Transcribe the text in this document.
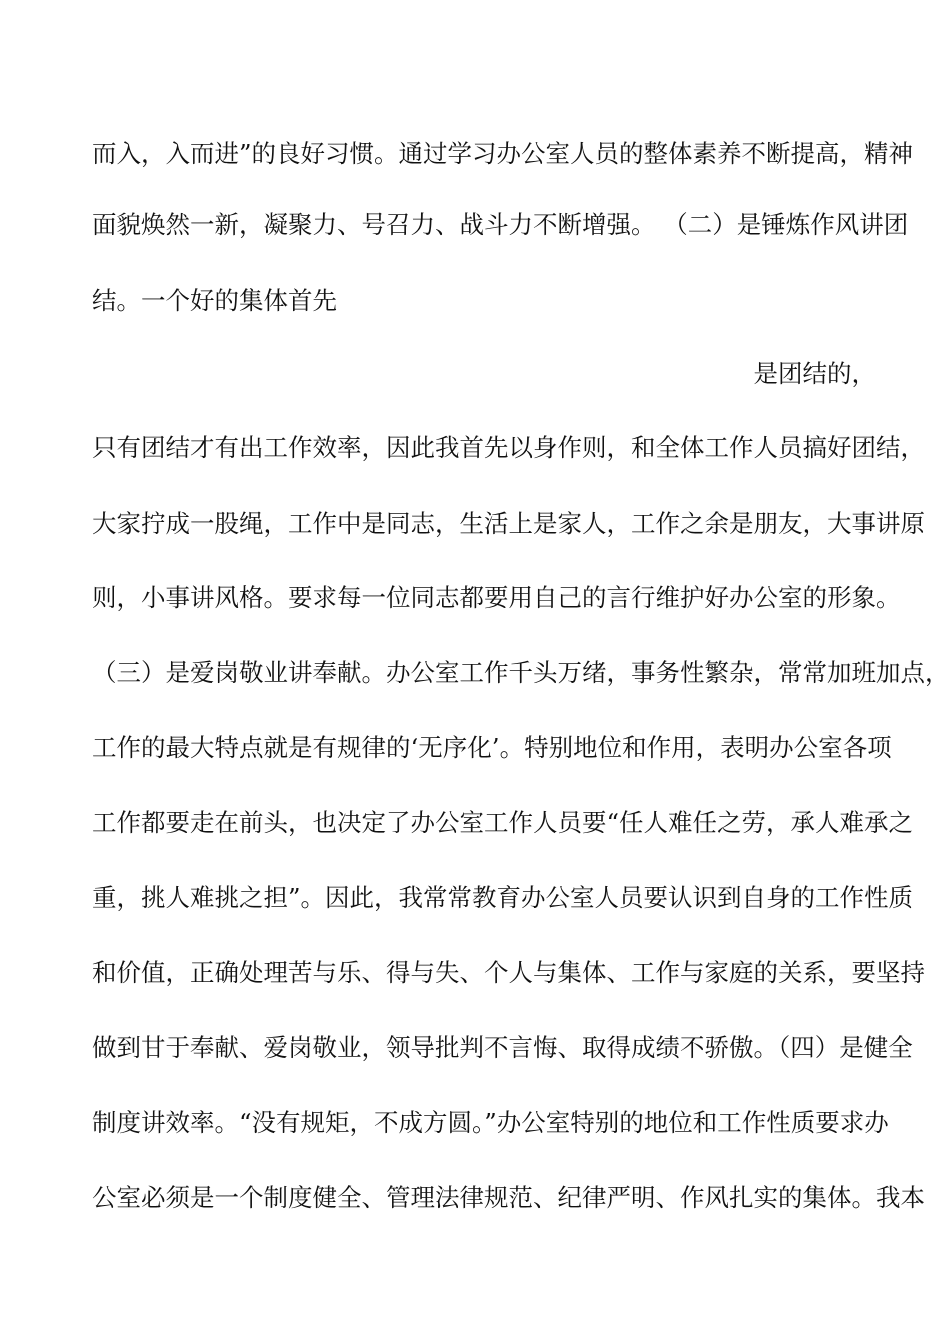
而入，入而进”的良好习惯。通过学习办公室人员的整体素养不断提高，精神
面貌焕然一新，凝聚力、号召力、战斗力不断增强。 （二）是锤炼作风讲团
结。一个好的集体首先
是团结的，
只有团结才有出工作效率，因此我首先以身作则，和全体工作人员搞好团结，
大家拧成一股绳，工作中是同志，生活上是家人，工作之余是朋友，大事讲原
则，小事讲风格。要求每一位同志都要用自己的言行维护好办公室的形象。
（三）是爱岗敬业讲奉献。办公室工作千头万绪，事务性繁杂，常常加班加点，
工作的最大特点就是有规律的‘无序化’。特别地位和作用，表明办公室各项
工作都要走在前头，也决定了办公室工作人员要“任人难任之劳，承人难承之
重，挑人难挑之担”。因此，我常常教育办公室人员要认识到自身的工作性质
和价值，正确处理苦与乐、得与失、个人与集体、工作与家庭的关系，要坚持
做到甘于奉献、爱岗敬业，领导批判不言悔、取得成绩不骄傲。（四）是健全
制度讲效率。“没有规矩，不成方圆。”办公室特别的地位和工作性质要求办
公室必须是一个制度健全、管理法律规范、纪律严明、作风扎实的集体。我本
